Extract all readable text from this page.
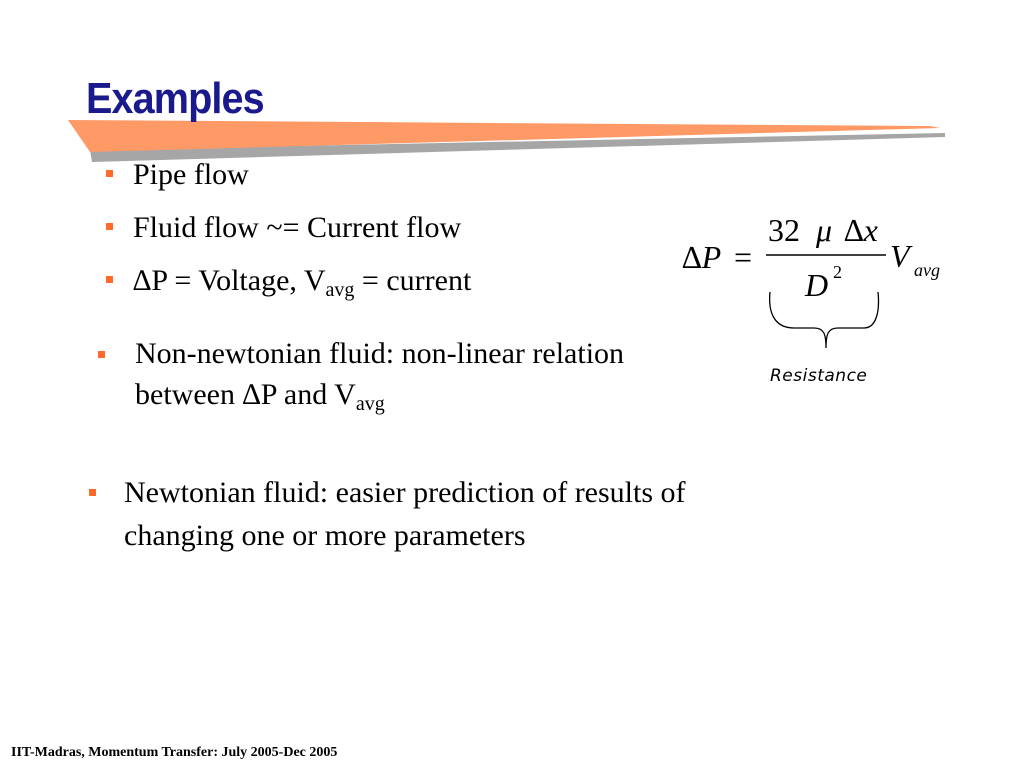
Examples
Pipe flow
Fluid flow ~= Current flow
∆P = Voltage, $V_{avg}$ = current
Non-newtonian fluid: non-linear relation
between ∆P and $V_{avg}$
Newtonian fluid: easier prediction of results of
changing one or more parameters
∆P =
32 μ ∆x
D 2 V avg
Resistance
IIT-Madras, Momentum Transfer: July 2005-Dec 2005
